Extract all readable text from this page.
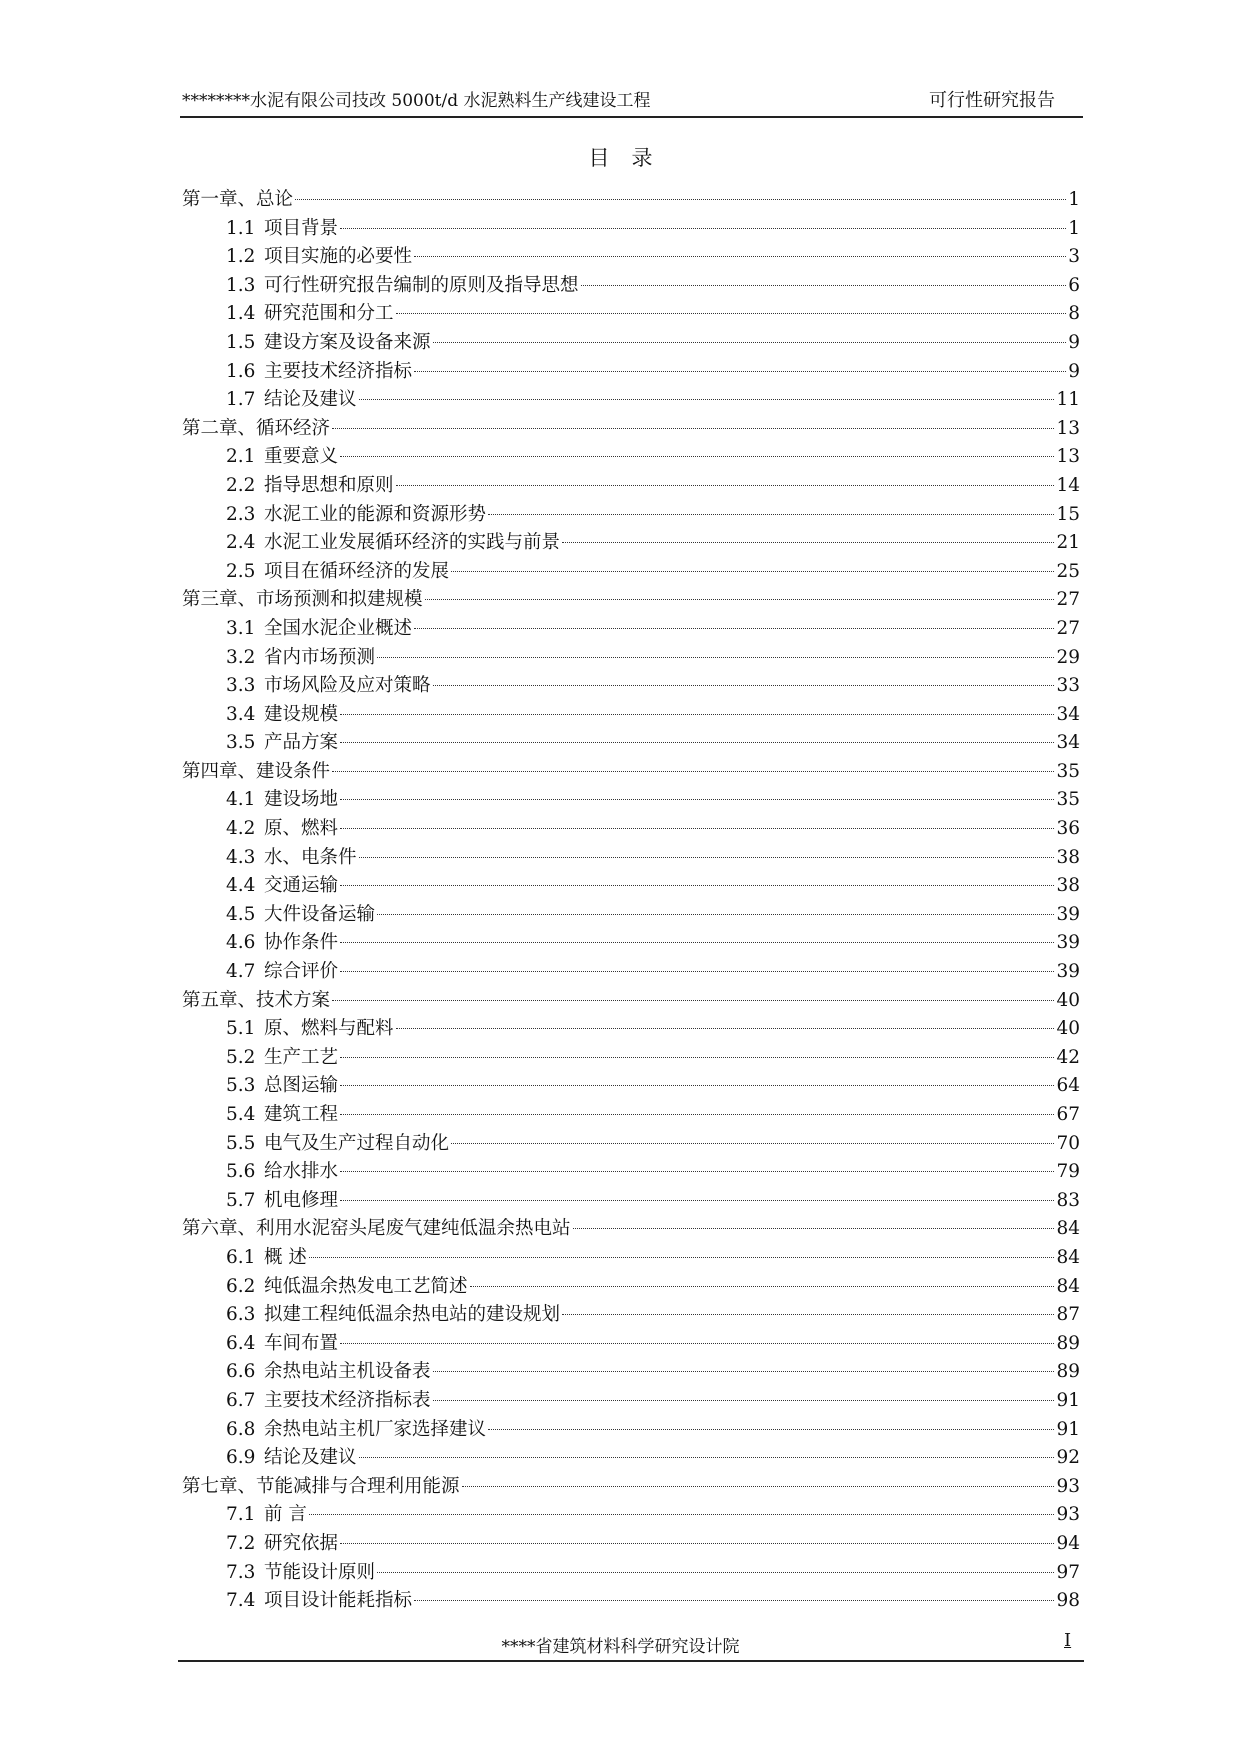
********水泥有限公司技改 5000t/d 水泥熟料生产线建设工程	可行性研究报告
目录
第一章、总论	1
1.1 项目背景	1
1.2 项目实施的必要性	3
1.3 可行性研究报告编制的原则及指导思想	6
1.4 研究范围和分工	8
1.5 建设方案及设备来源	9
1.6 主要技术经济指标	9
1.7 结论及建议	11
第二章、循环经济	13
2.1 重要意义	13
2.2 指导思想和原则	14
2.3 水泥工业的能源和资源形势	15
2.4 水泥工业发展循环经济的实践与前景	21
2.5 项目在循环经济的发展	25
第三章、市场预测和拟建规模	27
3.1 全国水泥企业概述	27
3.2 省内市场预测	29
3.3 市场风险及应对策略	33
3.4 建设规模	34
3.5 产品方案	34
第四章、建设条件	35
4.1 建设场地	35
4.2 原、燃料	36
4.3 水、电条件	38
4.4 交通运输	38
4.5 大件设备运输	39
4.6 协作条件	39
4.7 综合评价	39
第五章、技术方案	40
5.1 原、燃料与配料	40
5.2 生产工艺	42
5.3 总图运输	64
5.4 建筑工程	67
5.5 电气及生产过程自动化	70
5.6 给水排水	79
5.7 机电修理	83
第六章、利用水泥窑头尾废气建纯低温余热电站	84
6.1 概 述	84
6.2 纯低温余热发电工艺简述	84
6.3 拟建工程纯低温余热电站的建设规划	87
6.4 车间布置	89
6.6 余热电站主机设备表	89
6.7 主要技术经济指标表	91
6.8 余热电站主机厂家选择建议	91
6.9 结论及建议	92
第七章、节能减排与合理利用能源	93
7.1 前 言	93
7.2 研究依据	94
7.3 节能设计原则	97
7.4 项目设计能耗指标	98
****省建筑材料科学研究设计院	I
